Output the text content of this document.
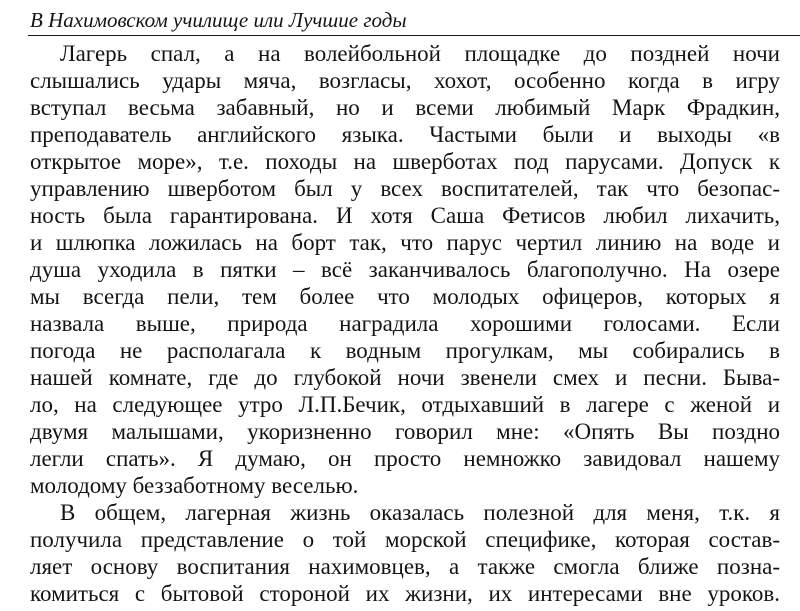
В Нахимовском училище или Лучшие годы
Лагерь спал, а на волейбольной площадке до поздней ночи
слышались удары мяча, возгласы, хохот, особенно когда в игру
вступал весьма забавный, но и всеми любимый Марк Фрадкин,
преподаватель английского языка. Частыми были и выходы «в
открытое море», т.е. походы на шверботах под парусами. Допуск к
управлению шверботом был у всех воспитателей, так что безопас-
ность была гарантирована. И хотя Саша Фетисов любил лихачить,
и шлюпка ложилась на борт так, что парус чертил линию на воде и
душа уходила в пятки – всё заканчивалось благополучно. На озере
мы всегда пели, тем более что молодых офицеров, которых я
назвала выше, природа наградила хорошими голосами. Если
погода не располагала к водным прогулкам, мы собирались в
нашей комнате, где до глубокой ночи звенели смех и песни. Быва-
ло, на следующее утро Л.П.Бечик, отдыхавший в лагере с женой и
двумя малышами, укоризненно говорил мне: «Опять Вы поздно
легли спать». Я думаю, он просто немножко завидовал нашему
молодому беззаботному веселью.
В общем, лагерная жизнь оказалась полезной для меня, т.к. я
получила представление о той морской специфике, которая состав-
ляет основу воспитания нахимовцев, а также смогла ближе позна-
комиться с бытовой стороной их жизни, их интересами вне уроков.
